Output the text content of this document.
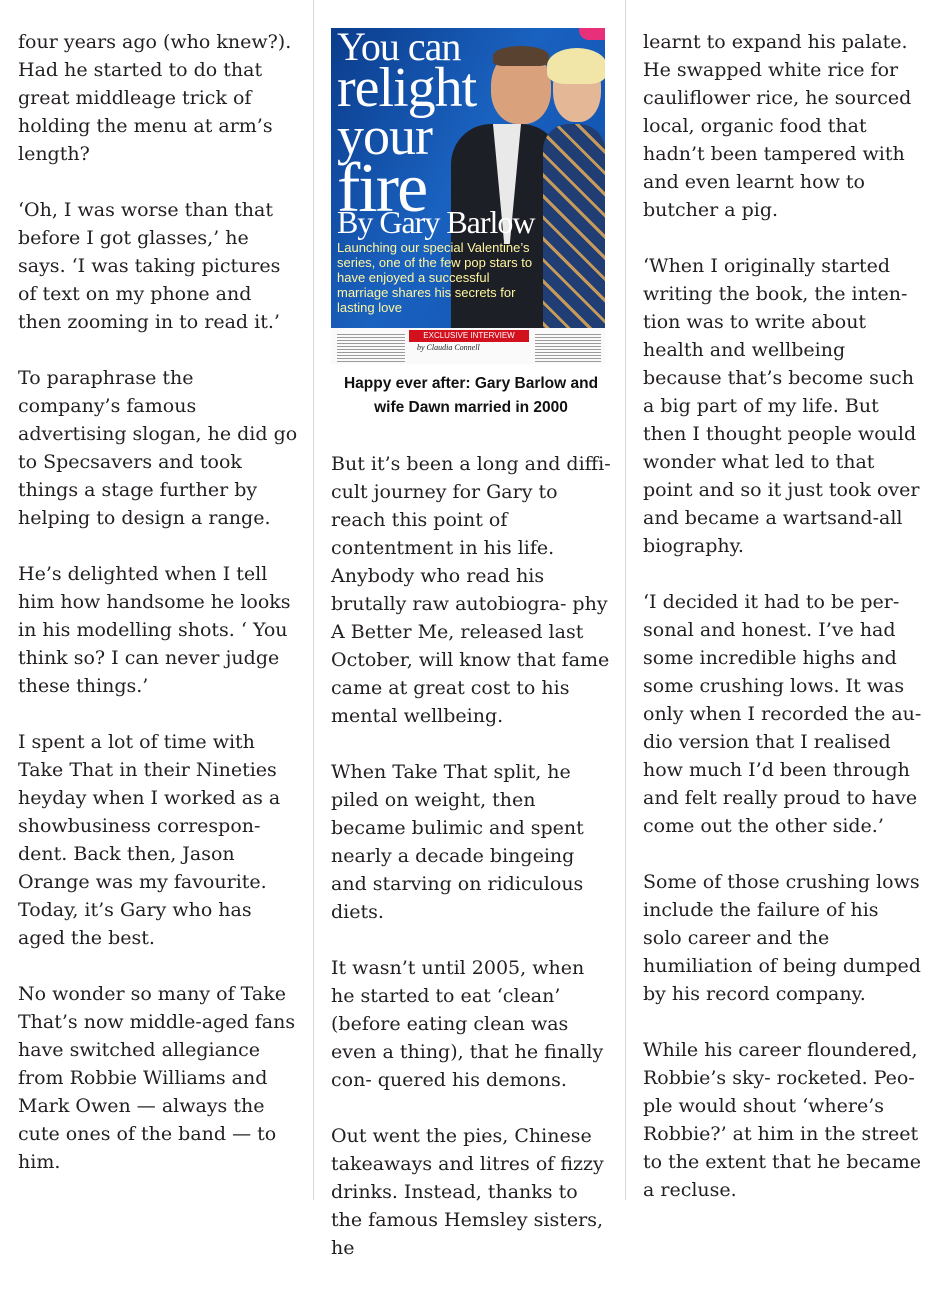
four years ago (who knew?). Had he started to do that great middleage trick of holding the menu at arm’s length?

‘Oh, I was worse than that before I got glasses,’ he says. ‘I was taking pictures of text on my phone and then zooming in to read it.’

To paraphrase the company’s famous advertising slogan, he did go to Specsavers and took things a stage further by helping to design a range.

He’s delighted when I tell him how handsome he looks in his modelling shots. ‘ You think so? I can never judge these things.’

I spent a lot of time with Take That in their Nineties heyday when I worked as a showbusiness correspon- dent. Back then, Jason Orange was my favourite. Today, it’s Gary who has aged the best.

No wonder so many of Take That’s now middle-aged fans have switched allegiance from Robbie Williams and Mark Owen — always the cute ones of the band — to him.

You can
relight
your
fire
By Gary Barlow
Launching our special Valentine’s series, one of the few pop stars to have enjoyed a successful marriage shares his secrets for lasting love
EXCLUSIVE INTERVIEW
by Claudia Connell
Happy ever after: Gary Barlow and wife Dawn married in 2000

But it’s been a long and diffi- cult journey for Gary to reach this point of contentment in his life. Anybody who read his brutally raw autobiogra- phy A Better Me, released last October, will know that fame came at great cost to his mental wellbeing.

When Take That split, he piled on weight, then became bulimic and spent nearly a decade bingeing and starving on ridiculous diets.

It wasn’t until 2005, when he started to eat ‘clean’ (before eating clean was even a thing), that he finally con- quered his demons.

Out went the pies, Chinese takeaways and litres of fizzy drinks. Instead, thanks to the famous Hemsley sisters, he

learnt to expand his palate. He swapped white rice for cauliflower rice, he sourced local, organic food that hadn’t been tampered with and even learnt how to butcher a pig.

‘When I originally started writing the book, the inten- tion was to write about health and wellbeing because that’s become such a big part of my life. But then I thought people would wonder what led to that point and so it just took over and became a wartsand-all biography.

‘I decided it had to be per- sonal and honest. I’ve had some incredible highs and some crushing lows. It was only when I recorded the au- dio version that I realised how much I’d been through and felt really proud to have come out the other side.’

Some of those crushing lows include the failure of his solo career and the humiliation of being dumped by his record company.

While his career floundered, Robbie’s sky- rocketed. Peo- ple would shout ‘where’s Robbie?’ at him in the street to the extent that he became a recluse.
